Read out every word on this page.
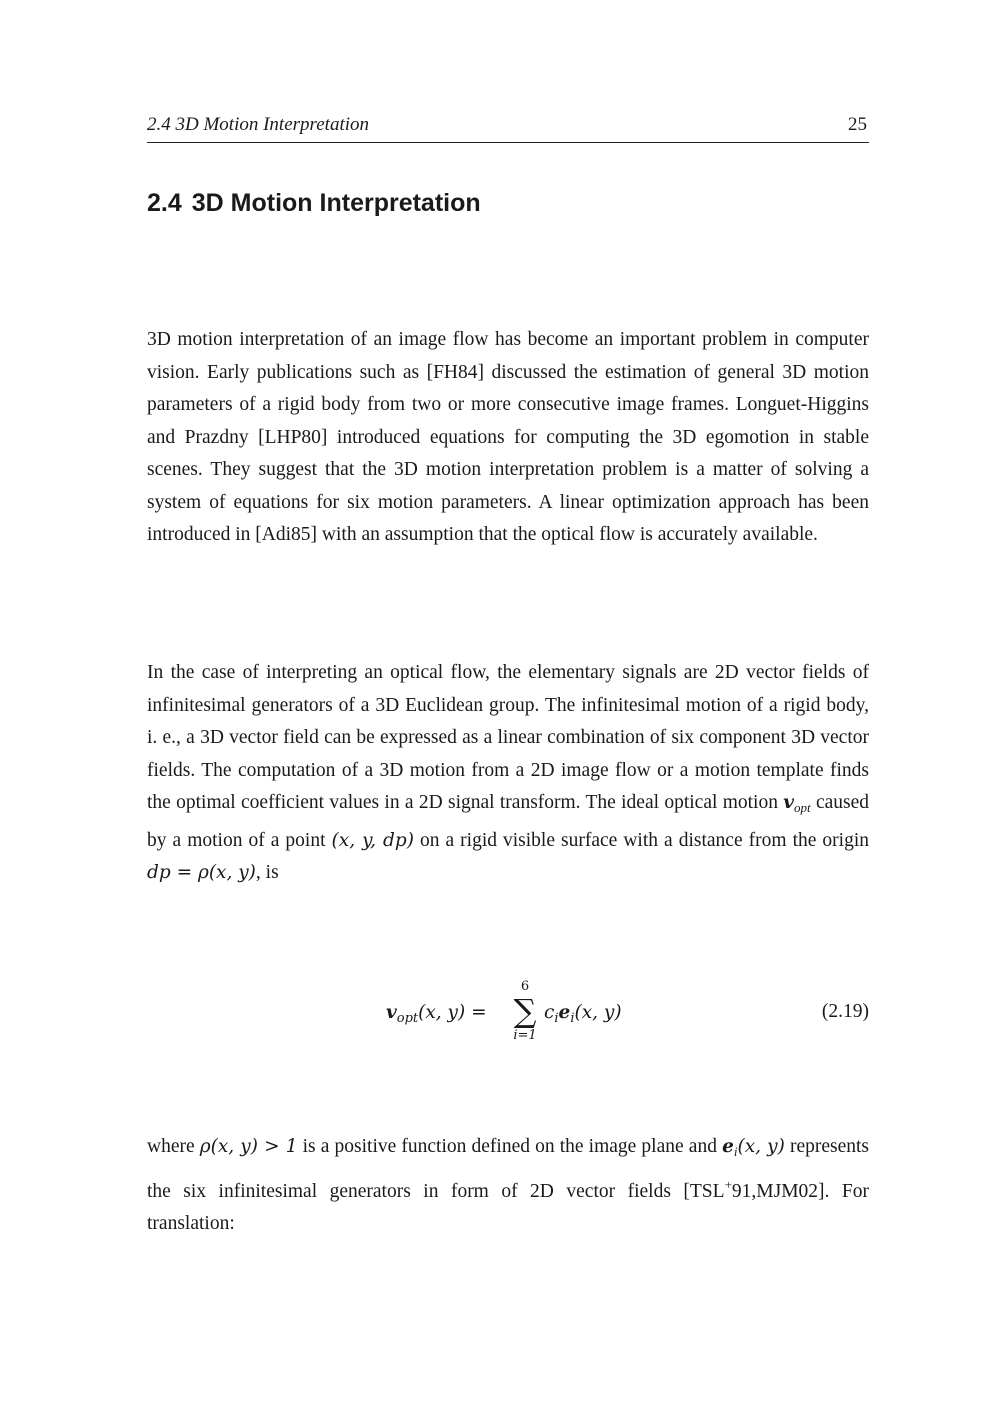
2.4 3D Motion Interpretation	25
2.4 3D Motion Interpretation

3D motion interpretation of an image flow has become an important problem in computer vision. Early publications such as [FH84] discussed the estimation of general 3D motion parameters of a rigid body from two or more consecutive image frames. Longuet-Higgins and Prazdny [LHP80] introduced equations for computing the 3D egomotion in stable scenes. They suggest that the 3D motion interpretation problem is a matter of solving a system of equations for six motion parameters. A linear optimization approach has been introduced in [Adi85] with an assumption that the optical flow is accurately available.

In the case of interpreting an optical flow, the elementary signals are 2D vector fields of infinitesimal generators of a 3D Euclidean group. The infinitesimal motion of a rigid body, i. e., a 3D vector field can be expressed as a linear combination of six component 3D vector fields. The computation of a 3D motion from a 2D image flow or a motion template finds the optimal coefficient values in a 2D signal transform. The ideal optical motion $v_{opt}$ caused by a motion of a point (x, y, dp) on a rigid visible surface with a distance from the origin dp = ρ(x, y), is

$v_{opt}(x$, y) =
6
∑
i=1
$c_ie_i(x$, y)	(2.19)

where ρ(x, y) > 1 is a positive function defined on the image plane and $e_i(x$, y) represents the six infinitesimal generators in form of 2D vector fields [TSL+91,MJM02]. For translation:
